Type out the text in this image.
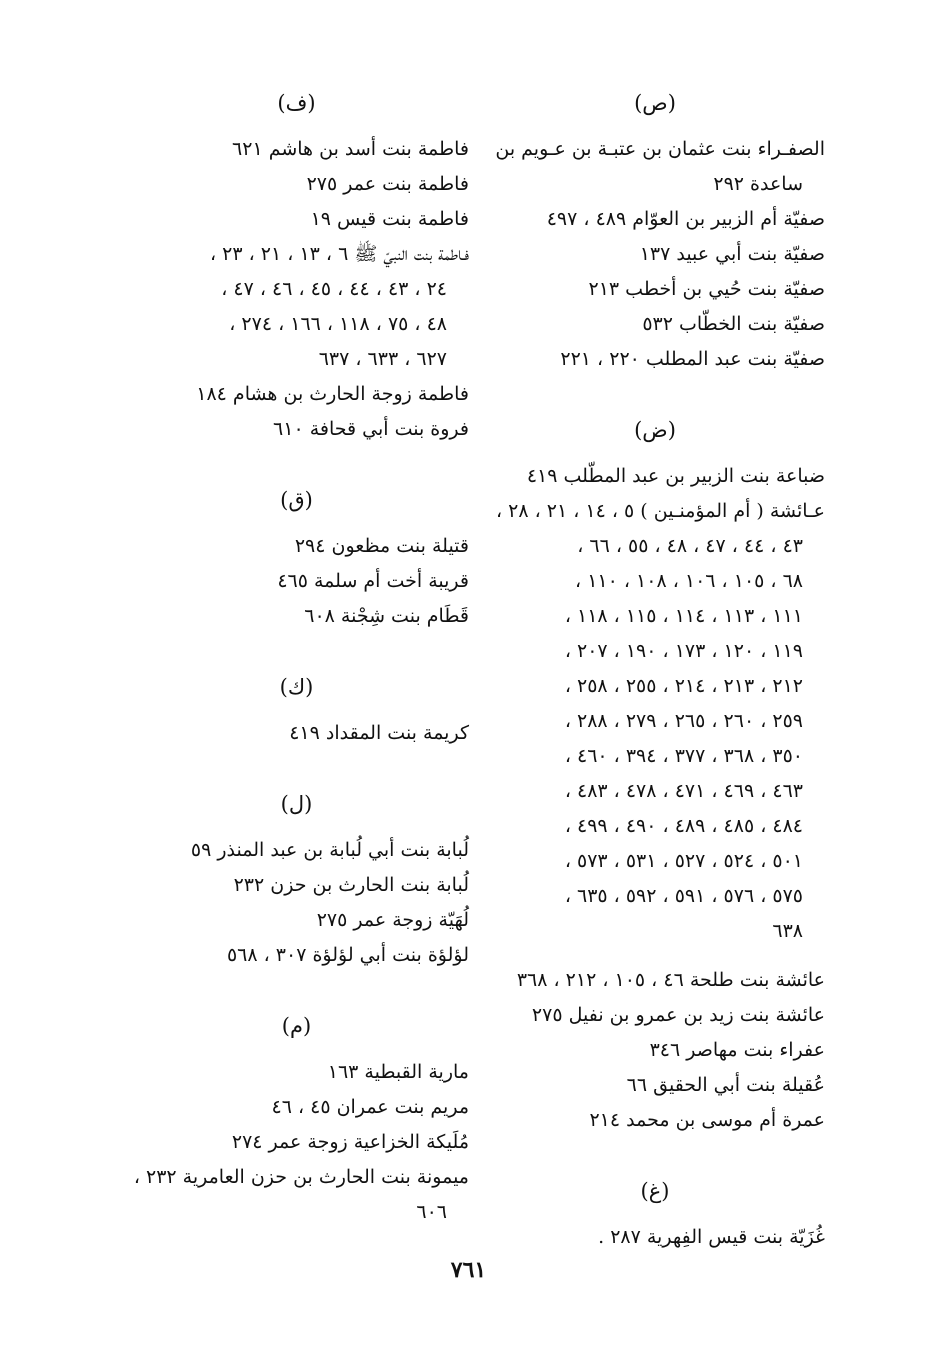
(ص)
الصفـراء بنت عثمان بن عتبـة بن عـويم بن
ساعدة ٢٩٢
صفيّة أم الزبير بن العوّام ٤٨٩ ، ٤٩٧
صفيّة بنت أبي عبيد ١٣٧
صفيّة بنت حُيي بن أخطب ٢١٣
صفيّة بنت الخطّاب ٥٣٢
صفيّة بنت عبد المطلب ٢٢٠ ، ٢٢١
(ض)
ضباعة بنت الزبير بن عبد المطّلب ٤١٩
عـائشة ( أم المؤمنـين ) ٥ ، ١٤ ، ٢١ ، ٢٨ ،
٤٣ ، ٤٤ ، ٤٧ ، ٤٨ ، ٥٥ ، ٦٦ ،
٦٨ ، ١٠٥ ، ١٠٦ ، ١٠٨ ، ١١٠ ،
١١١ ، ١١٣ ، ١١٤ ، ١١٥ ، ١١٨ ،
١١٩ ، ١٢٠ ، ١٧٣ ، ١٩٠ ، ٢٠٧ ،
٢١٢ ، ٢١٣ ، ٢١٤ ، ٢٥٥ ، ٢٥٨ ،
٢٥٩ ، ٢٦٠ ، ٢٦٥ ، ٢٧٩ ، ٢٨٨ ،
٣٥٠ ، ٣٦٨ ، ٣٧٧ ، ٣٩٤ ، ٤٦٠ ،
٤٦٣ ، ٤٦٩ ، ٤٧١ ، ٤٧٨ ، ٤٨٣ ،
٤٨٤ ، ٤٨٥ ، ٤٨٩ ، ٤٩٠ ، ٤٩٩ ،
٥٠١ ، ٥٢٤ ، ٥٢٧ ، ٥٣١ ، ٥٧٣ ،
٥٧٥ ، ٥٧٦ ، ٥٩١ ، ٥٩٢ ، ٦٣٥ ،
٦٣٨
عائشة بنت طلحة ٤٦ ، ١٠٥ ، ٢١٢ ، ٣٦٨
عائشة بنت زيد بن عمرو بن نفيل ٢٧٥
عفراء بنت مهاصر ٣٤٦
عُقيلة بنت أبي الحقيق ٦٦
عمرة أم موسى بن محمد ٢١٤
(غ)
غُزَيّة بنت قيس الفِهرية ٢٨٧ .
(ف)
فاطمة بنت أسد بن هاشم ٦٢١
فاطمة بنت عمر ٢٧٥
فاطمة بنت قيس ١٩
فـاطمة بنت النبيّ ﷺ ٦ ، ١٣ ، ٢١ ، ٢٣ ،
٢٤ ، ٤٣ ، ٤٤ ، ٤٥ ، ٤٦ ، ٤٧ ،
٤٨ ، ٧٥ ، ١١٨ ، ١٦٦ ، ٢٧٤ ،
٦٢٧ ، ٦٣٣ ، ٦٣٧
فاطمة زوجة الحارث بن هشام ١٨٤
فروة بنت أبي قحافة ٦١٠
(ق)
قتيلة بنت مظعون ٢٩٤
قريبة أخت أم سلمة ٤٦٥
قَطَام بنت شِجْنة ٦٠٨
(ك)
كريمة بنت المقداد ٤١٩
(ل)
لُبابة بنت أبي لُبابة بن عبد المنذر ٥٩
لُبابة بنت الحارث بن حزن ٢٣٢
لُهَيّة زوجة عمر ٢٧٥
لؤلؤة بنت أبي لؤلؤة ٣٠٧ ، ٥٦٨
(م)
مارية القبطية ١٦٣
مريم بنت عمران ٤٥ ، ٤٦
مُلَيكة الخزاعية زوجة عمر ٢٧٤
ميمونة بنت الحارث بن حزن العامرية ٢٣٢ ،
٦٠٦
٧٦١
